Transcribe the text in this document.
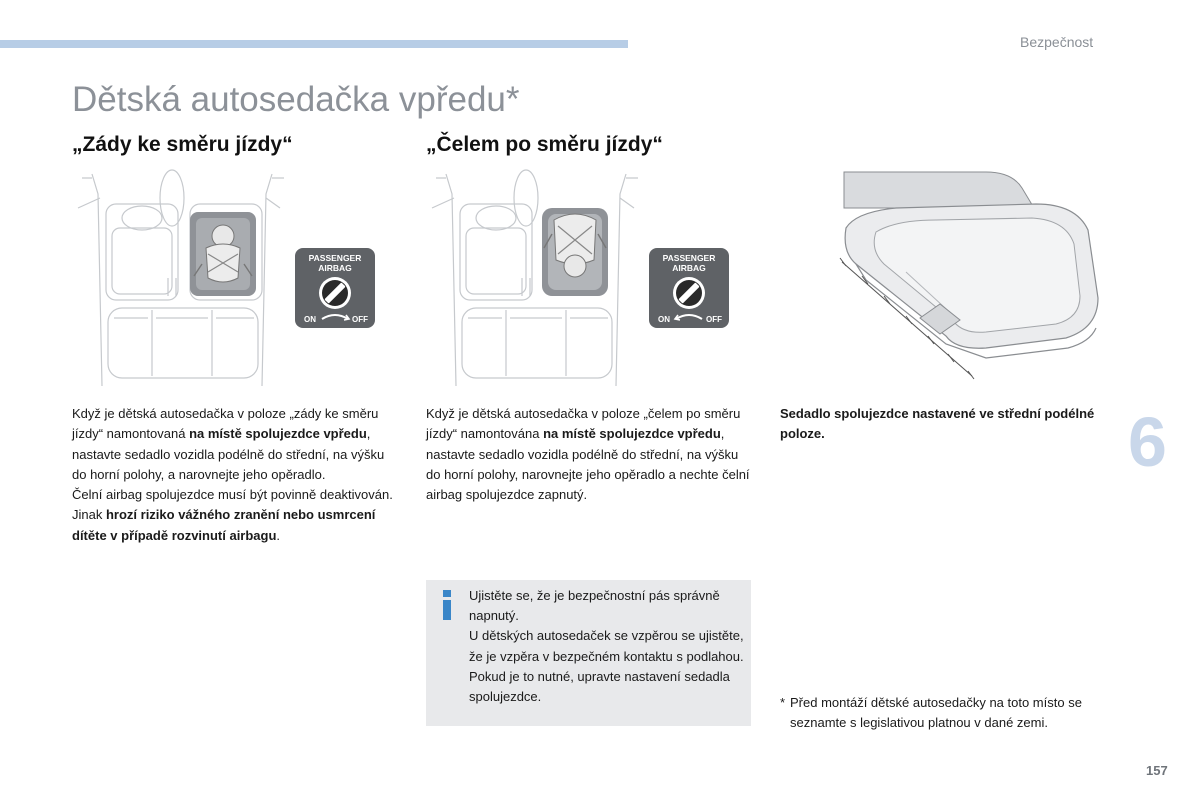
Bezpečnost
Dětská autosedačka vpředu*
„Zády ke směru jízdy“	„Čelem po směru jízdy“
PASSENGER
AIRBAG
ON	OFF
PASSENGER
AIRBAG
ON	OFF

Když je dětská autosedačka v poloze „zády ke směru jízdy“ namontovaná na místě spolujezdce vpředu, nastavte sedadlo vozidla podélně do střední, na výšku do horní polohy, a narovnejte jeho opěradlo.

Čelní airbag spolujezdce musí být povinně deaktivován. Jinak hrozí riziko vážného zranění nebo usmrcení dítěte v případě rozvinutí airbagu.

Když je dětská autosedačka v poloze „čelem po směru jízdy“ namontována na místě spolujezdce vpředu, nastavte sedadlo vozidla podélně do střední, na výšku do horní polohy, narovnejte jeho opěradlo a nechte čelní airbag spolujezdce zapnutý.

Sedadlo spolujezdce nastavené ve střední podélné poloze.

Ujistěte se, že je bezpečnostní pás správně napnutý.

U dětských autosedaček se vzpěrou se ujistěte, že je vzpěra v bezpečném kontaktu s podlahou. Pokud je to nutné, upravte nastavení sedadla spolujezdce.

6
* Před montáží dětské autosedačky na toto místo se seznamte s legislativou platnou v dané zemi.
157
